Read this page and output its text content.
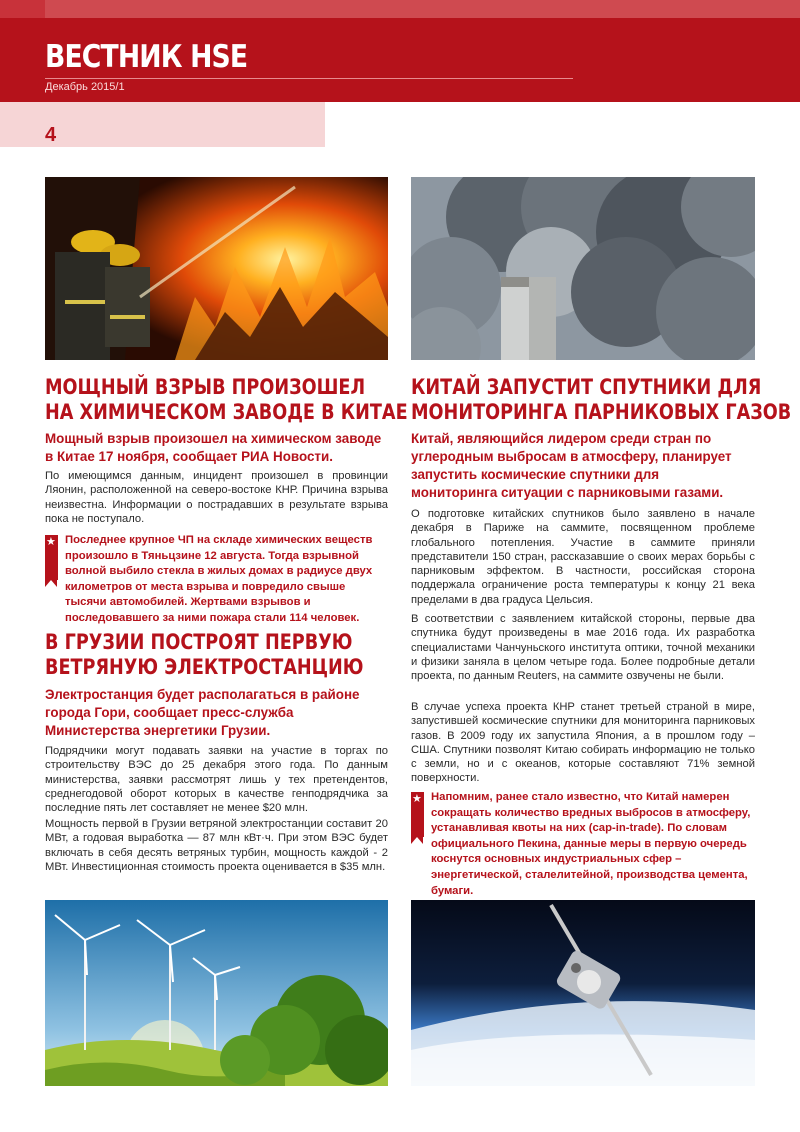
ВЕСТНИК HSE
Декабрь 2015/1
4
МОЩНЫЙ ВЗРЫВ ПРОИЗОШЕЛ
НА ХИМИЧЕСКОМ ЗАВОДЕ В КИТАЕ
Мощный взрыв произошел на химическом заводе в Китае 17 ноября, сообщает РИА Новости.

По имеющимся данным, инцидент произошел в провинции Ляонин, расположенной на северо-востоке КНР. Причина взрыва неизвестна. Информации о пострадавших в результате взрыва пока не поступало.

★ Последнее крупное ЧП на складе химических веществ произошло в Тяньцзине 12 августа. Тогда взрывной волной выбило стекла в жилых домах в радиусе двух километров от места взрыва и повредило свыше тысячи автомобилей. Жертвами взрывов и последовавшего за ними пожара стали 114 человек.
В ГРУЗИИ ПОСТРОЯТ ПЕРВУЮ
ВЕТРЯНУЮ ЭЛЕКТРОСТАНЦИЮ
Электростанция будет располагаться в районе города Гори, сообщает пресс-служба Министерства энергетики Грузии.

Подрядчики могут подавать заявки на участие в торгах по строительству ВЭС до 25 декабря этого года. По данным министерства, заявки рассмотрят лишь у тех претендентов, среднегодовой оборот которых в качестве генподрядчика за последние пять лет составляет не менее $20 млн.

Мощность первой в Грузии ветряной электростанции составит 20 МВт, а годовая выработка — 87 млн кВт·ч. При этом ВЭС будет включать в себя десять ветряных турбин, мощность каждой - 2 МВт. Инвестиционная стоимость проекта оценивается в $35 млн.

КИТАЙ ЗАПУСТИТ СПУТНИКИ ДЛЯ
МОНИТОРИНГА ПАРНИКОВЫХ ГАЗОВ
Китай, являющийся лидером среди стран по углеродным выбросам в атмосферу, планирует запустить космические спутники для мониторинга ситуации с парниковыми газами.

О подготовке китайских спутников было заявлено в начале декабря в Париже на саммите, посвященном проблеме глобального потепления. Участие в саммите приняли представители 150 стран, рассказавшие о своих мерах борьбы с парниковым эффектом. В частности, российская сторона поддержала ограничение роста температуры к концу 21 века пределами в два градуса Цельсия.

В соответствии с заявлением китайской стороны, первые два спутника будут произведены в мае 2016 года. Их разработка специалистами Чанчуньского института оптики, точной механики и физики заняла в целом четыре года. Более подробные детали проекта, по данным Reuters, на саммите озвучены не были.

В случае успеха проекта КНР станет третьей страной в мире, запустившей космические спутники для мониторинга парниковых газов. В 2009 году их запустила Япония, а в прошлом году – США. Спутники позволят Китаю собирать информацию не только с земли, но и с океанов, которые составляют 71% земной поверхности.

★ Напомним, ранее стало известно, что Китай намерен сокращать количество вредных выбросов в атмосферу, устанавливая квоты на них (cap-in-trade). По словам официального Пекина, данные меры в первую очередь коснутся основных индустриальных сфер – энергетической, сталелитейной, производства цемента, бумаги.
